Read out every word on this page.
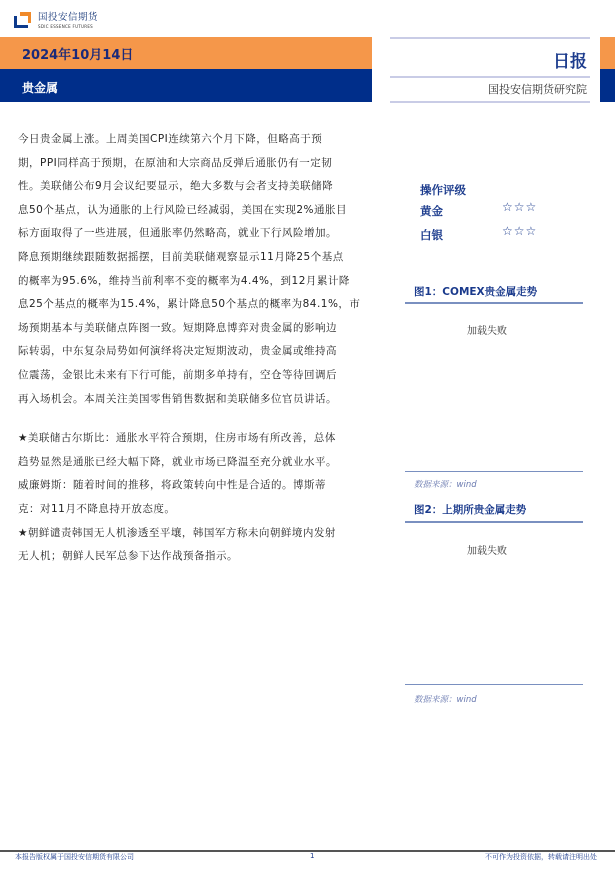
国投安信期货
SDIC ESSENCE FUTURES
2024年10月14日
贵金属
日报
国投安信期货研究院
今日贵金属上涨。上周美国CPI连续第六个月下降，但略高于预
期，PPI同样高于预期，在原油和大宗商品反弹后通胀仍有一定韧
性。美联储公布9月会议纪要显示，绝大多数与会者支持美联储降
息50个基点，认为通胀的上行风险已经减弱，美国在实现2%通胀目
标方面取得了一些进展，但通胀率仍然略高，就业下行风险增加。
降息预期继续跟随数据摇摆，目前美联储观察显示11月降25个基点
的概率为95.6%，维持当前利率不变的概率为4.4%，到12月累计降
息25个基点的概率为15.4%，累计降息50个基点的概率为84.1%，市
场预期基本与美联储点阵图一致。短期降息博弈对贵金属的影响边
际转弱，中东复杂局势如何演绎将决定短期波动，贵金属或维持高
位震荡，金银比未来有下行可能，前期多单持有，空仓等待回调后
再入场机会。本周关注美国零售销售数据和美联储多位官员讲话。
★美联储古尔斯比：通胀水平符合预期，住房市场有所改善，总体
趋势显然是通胀已经大幅下降，就业市场已降温至充分就业水平。
威廉姆斯：随着时间的推移，将政策转向中性是合适的。博斯蒂
克：对11月不降息持开放态度。
★朝鲜谴责韩国无人机渗透至平壤，韩国军方称未向朝鲜境内发射
无人机；朝鲜人民军总参下达作战预备指示。
操作评级
黄金	☆☆☆
白银	☆☆☆
图1：COMEX贵金属走势
加载失败
数据来源：wind
图2：上期所贵金属走势
加载失败
数据来源：wind
本报告版权属于国投安信期货有限公司	1	不可作为投资依据，转载请注明出处
